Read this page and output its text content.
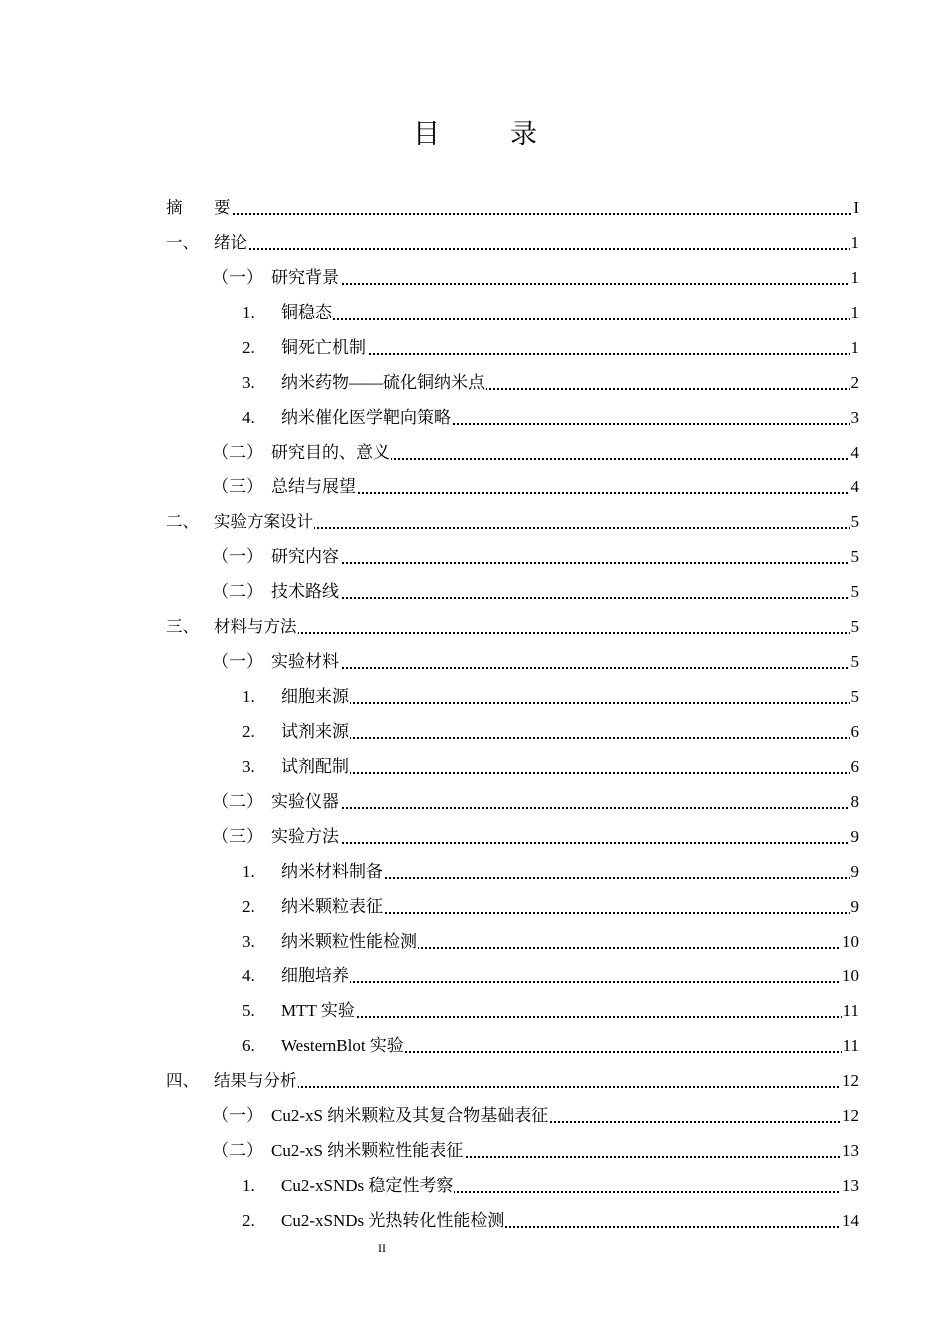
目	录
摘 要	I
一、 绪论	1
（一） 研究背景	1
1. 铜稳态	1
2. 铜死亡机制	1
3. 纳米药物——硫化铜纳米点	2
4. 纳米催化医学靶向策略	3
（二） 研究目的、意义	4
（三） 总结与展望	4
二、 实验方案设计	5
（一） 研究内容	5
（二） 技术路线	5
三、 材料与方法	5
（一） 实验材料	5
1. 细胞来源	5
2. 试剂来源	6
3. 试剂配制	6
（二） 实验仪器	8
（三） 实验方法	9
1. 纳米材料制备	9
2. 纳米颗粒表征	9
3. 纳米颗粒性能检测	10
4. 细胞培养	10
5. MTT 实验	11
6. WesternBlot 实验	11
四、 结果与分析	12
（一） Cu2-xS 纳米颗粒及其复合物基础表征	12
（二） Cu2-xS 纳米颗粒性能表征	13
1. Cu2-xSNDs 稳定性考察	13
2. Cu2-xSNDs 光热转化性能检测	14
II
